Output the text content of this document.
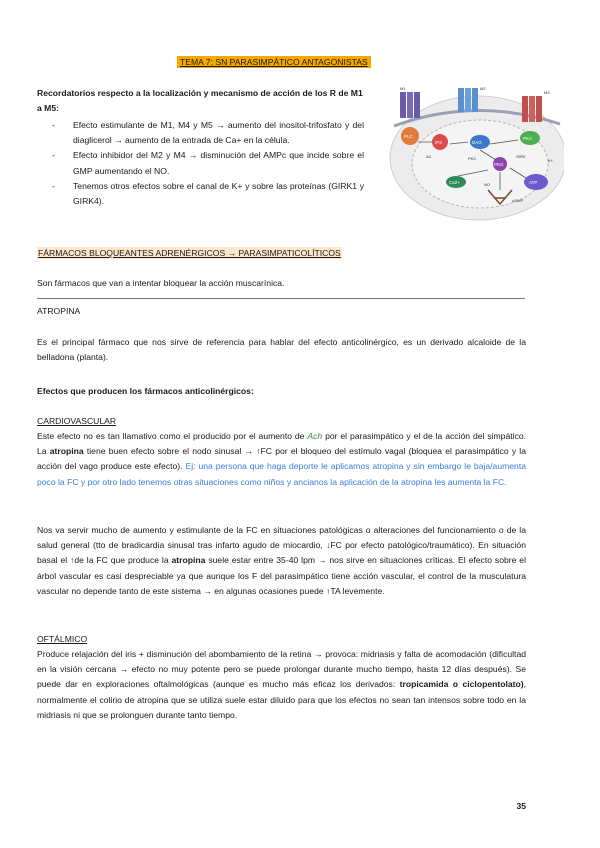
TEMA 7: SN PARASIMPÁTICO ANTAGONISTAS
Recordatorios respecto a la localización y mecanismo de acción de los R de M1 a M5:
- Efecto estimulante de M1, M4 y M5 → aumento del inositol-trifosfato y del diaglicerol → aumento de la entrada de Ca+ en la célula.
- Efecto inhibidor del M2 y M4 → disminución del AMPc que incide sobre el GMP aumentando el NO.
- Tenemos otros efectos sobre el canal de K+ y sobre las proteínas (GIRK1 y GIRK4).
PLC
IP3	DAG
PKA
PKG
Ca2+	ATP
AC	PKC	GIRK
NO
cGMP
K+
M1	M2
M3
FÁRMACOS BLOQUEANTES ADRENÉRGICOS → PARASIMPATICOLÍTICOS
Son fármacos que van a intentar bloquear la acción muscarínica.
ATROPINA
Es el principal fármaco que nos sirve de referencia para hablar del efecto anticolinérgico, es un derivado alcaloide de la belladona (planta).
Efectos que producen los fármacos anticolinérgicos:
CARDIOVASCULAR
Este efecto no es tan llamativo como el producido por el aumento de Ach por el parasimpático y el de la acción del simpático. La atropina tiene buen efecto sobre el nodo sinusal → ↑FC por el bloqueo del estímulo vagal (bloquea el parasimpático y la acción del vago produce este efecto). Ej: una persona que haga deporte le aplicamos atropina y sin embargo le baja/aumenta poco la FC y por otro lado tenemos otras situaciones como niños y ancianos la aplicación de la atropina les aumenta la FC.
Nos va servir mucho de aumento y estimulante de la FC en situaciones patológicas o alteraciones del funcionamiento o de la salud general (tto de bradicardia sinusal tras infarto agudo de miocardio, ↓FC por efecto patológico/traumático). En situación basal el ↑de la FC que produce la atropina suele estar entre 35-40 lpm → nos sirve en situaciones críticas. El efecto sobre el árbol vascular es casi despreciable ya que aunque los F del parasimpático tiene acción vascular, el control de la musculatura vascular no depende tanto de este sistema → en algunas ocasiones puede ↑TA levemente.
OFTÁLMICO
Produce relajación del iris + disminución del abombamiento de la retina → provoca: midriasis y falta de acomodación (dificultad en la visión cercana → efecto no muy potente pero se puede prolongar durante mucho tiempo, hasta 12 días después). Se puede dar en exploraciones oftalmológicas (aunque es mucho más eficaz los derivados: tropicamida o ciclopentolato), normalmente el colirio de atropina que se utiliza suele estar diluido para que los efectos no sean tan intensos sobre todo en la midriasis ni que se prolonguen durante tanto tiempo.
35
